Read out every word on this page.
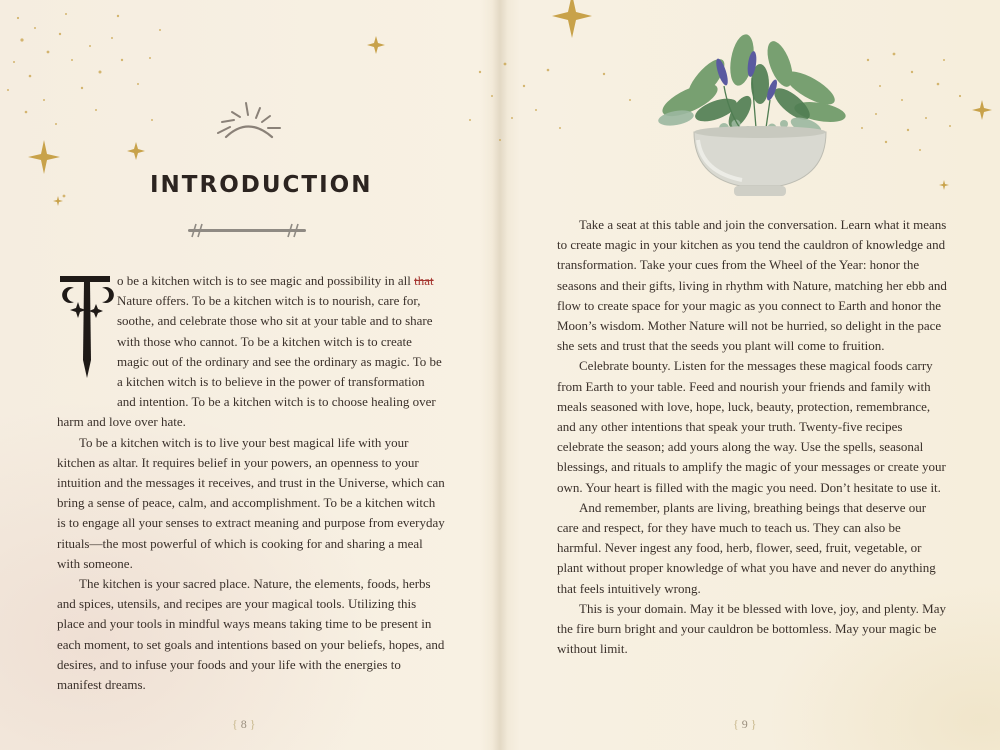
INTRODUCTION

o be a kitchen witch is to see magic and possibility in all that Nature offers. To be a kitchen witch is to nourish, care for, soothe, and celebrate those who sit at your table and to share with those who cannot. To be a kitchen witch is to create magic out of the ordinary and see the ordinary as magic. To be a kitchen witch is to believe in the power of transformation and intention. To be a kitchen witch is to choose healing over harm and love over hate.

To be a kitchen witch is to live your best magical life with your kitchen as altar. It requires belief in your powers, an openness to your intuition and the messages it receives, and trust in the Universe, which can bring a sense of peace, calm, and accomplishment. To be a kitchen witch is to engage all your senses to extract meaning and purpose from everyday rituals—the most powerful of which is cooking for and sharing a meal with someone.

The kitchen is your sacred place. Nature, the elements, foods, herbs and spices, utensils, and recipes are your magical tools. Utilizing this place and your tools in mindful ways means taking time to be present in each moment, to set goals and intentions based on your beliefs, hopes, and desires, and to infuse your foods and your life with the energies to manifest dreams.

Take a seat at this table and join the conversation. Learn what it means to create magic in your kitchen as you tend the cauldron of knowledge and transformation. Take your cues from the Wheel of the Year: honor the seasons and their gifts, living in rhythm with Nature, matching her ebb and flow to create space for your magic as you connect to Earth and honor the Moon’s wisdom. Mother Nature will not be hurried, so delight in the pace she sets and trust that the seeds you plant will come to fruition.

Celebrate bounty. Listen for the messages these magical foods carry from Earth to your table. Feed and nourish your friends and family with meals seasoned with love, hope, luck, beauty, protection, remembrance, and any other intentions that speak your truth. Twenty-five recipes celebrate the season; add yours along the way. Use the spells, seasonal blessings, and rituals to amplify the magic of your messages or create your own. Your heart is filled with the magic you need. Don’t hesitate to use it.

And remember, plants are living, breathing beings that deserve our care and respect, for they have much to teach us. They can also be harmful. Never ingest any food, herb, flower, seed, fruit, vegetable, or plant without proper knowledge of what you have and never do anything that feels intuitively wrong.

This is your domain. May it be blessed with love, joy, and plenty. May the fire burn bright and your cauldron be bottomless. May your magic be without limit.

{ 8 }	{ 9 }
